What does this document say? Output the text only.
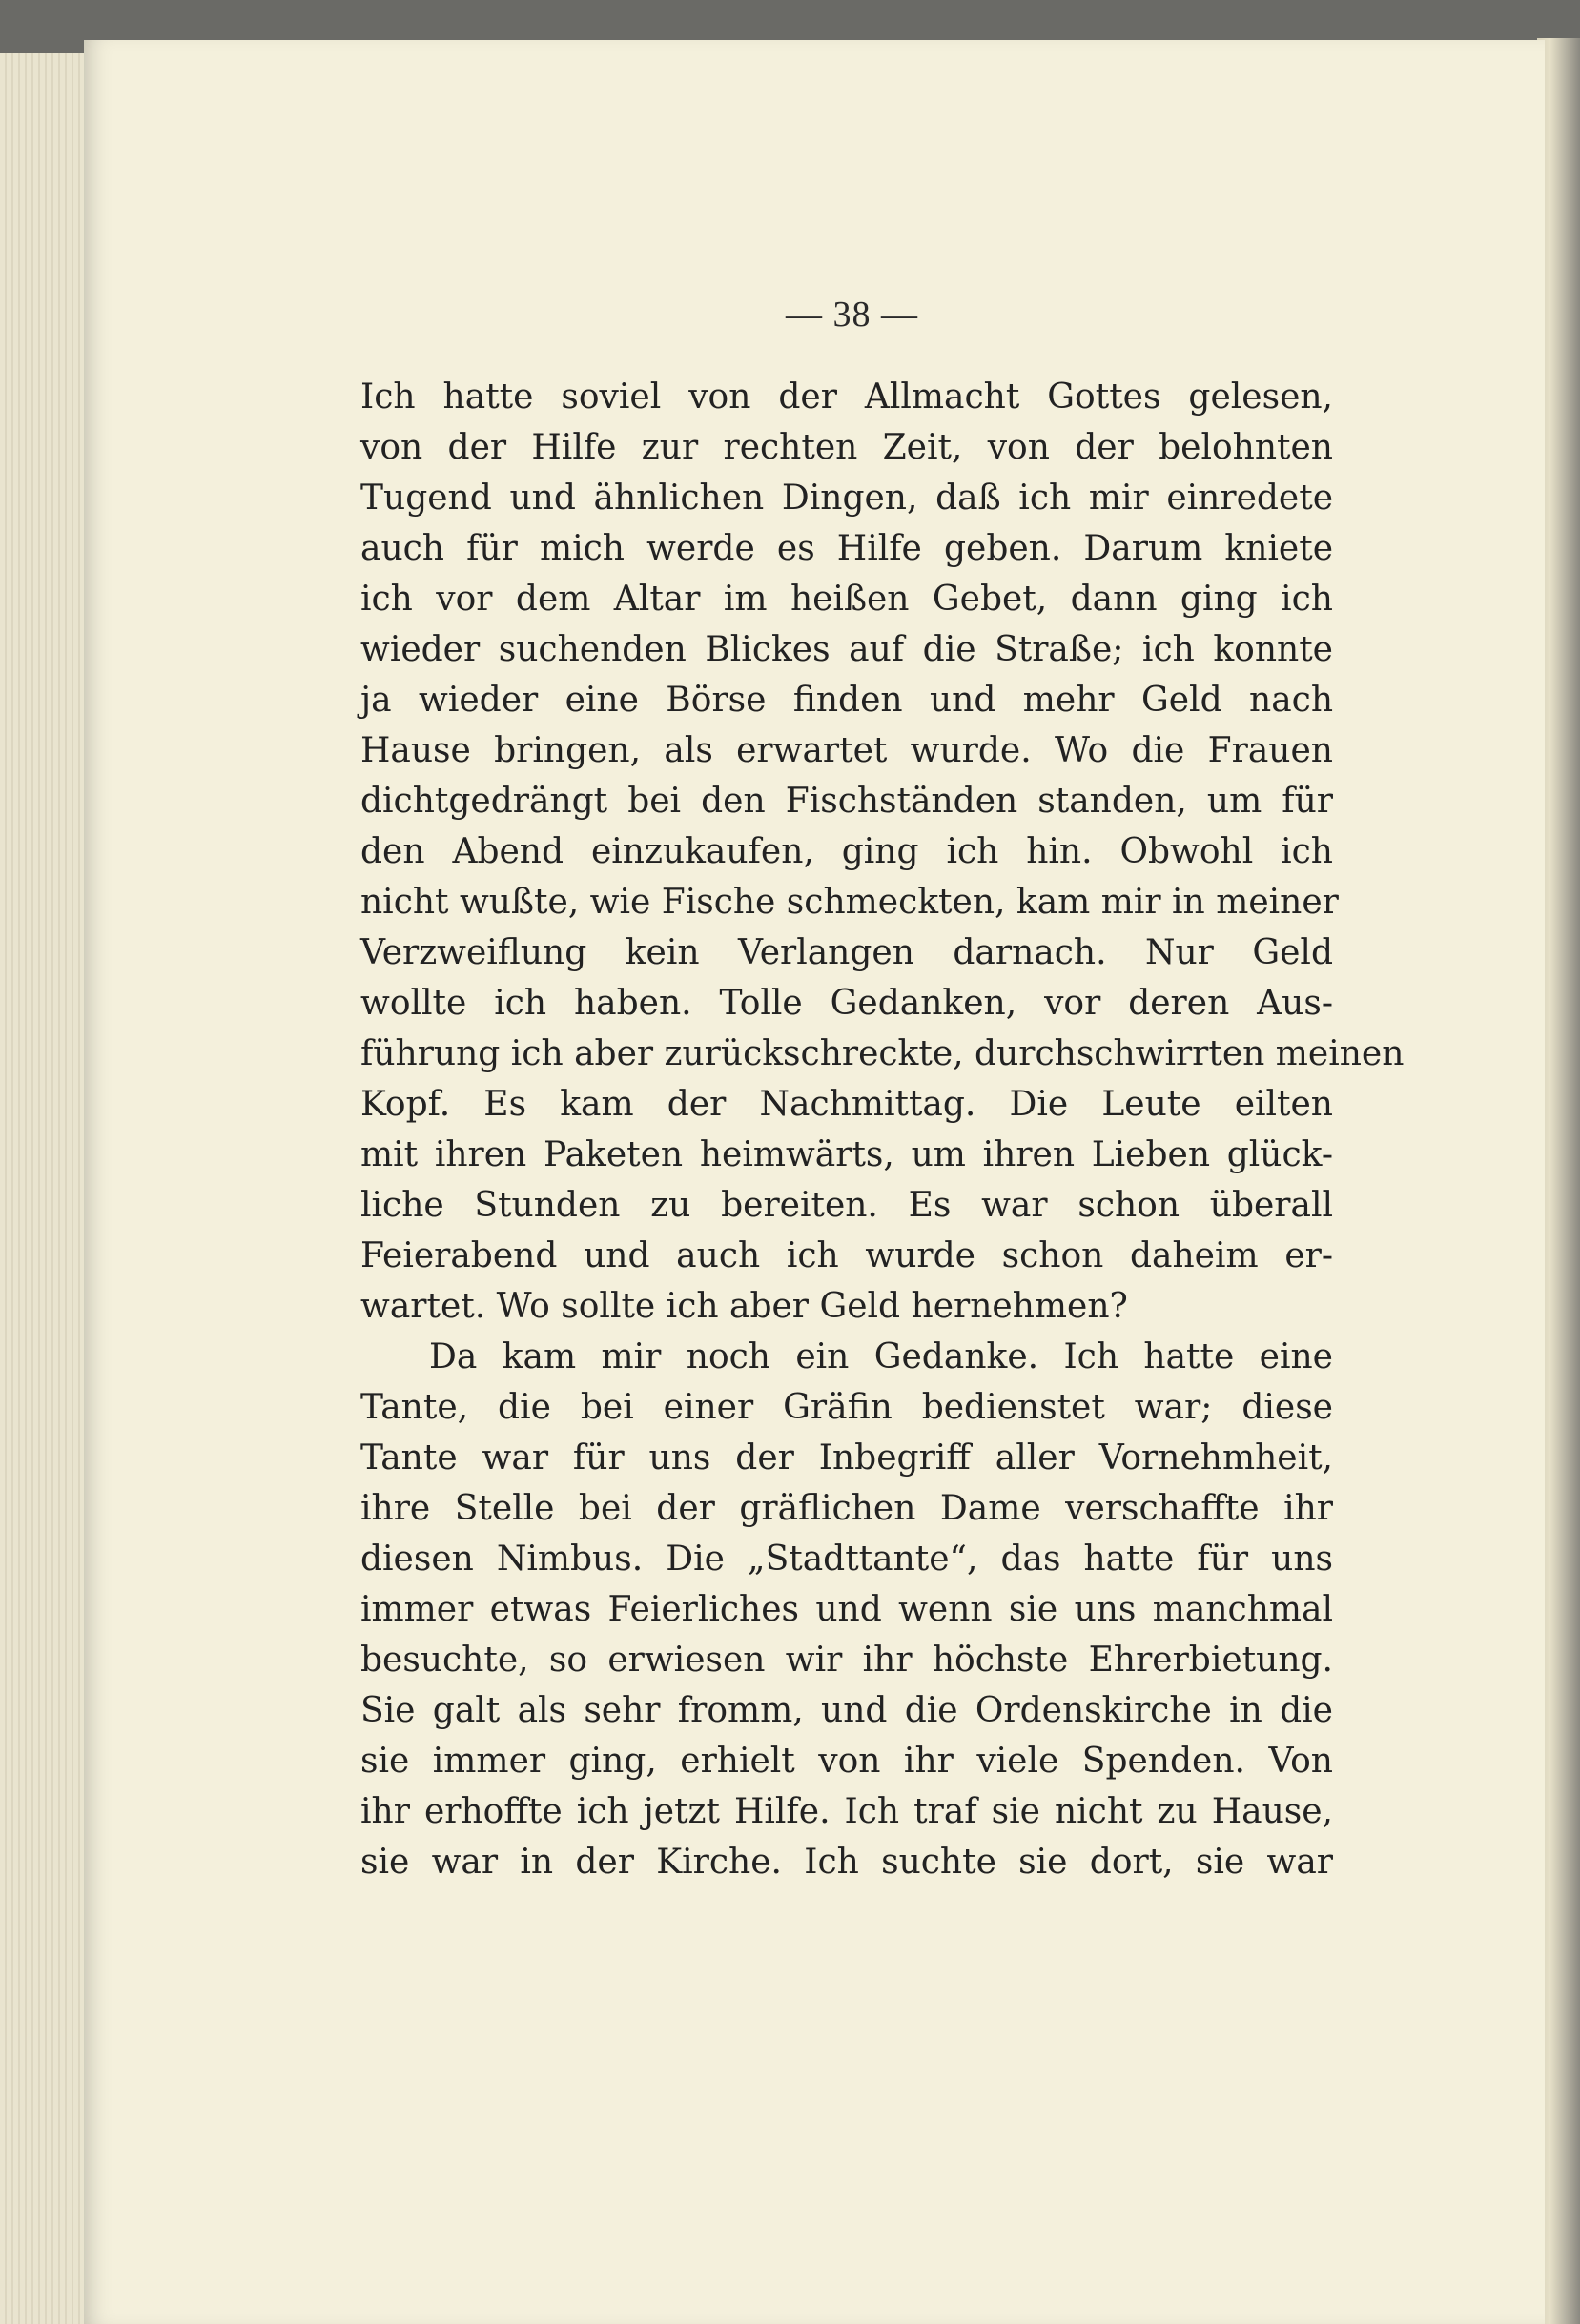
— 38 —
Ich hatte soviel von der Allmacht Gottes gelesen,
von der Hilfe zur rechten Zeit, von der belohnten
Tugend und ähnlichen Dingen, daß ich mir einredete
auch für mich werde es Hilfe geben. Darum kniete
ich vor dem Altar im heißen Gebet, dann ging ich
wieder suchenden Blickes auf die Straße; ich konnte
ja wieder eine Börse finden und mehr Geld nach
Hause bringen, als erwartet wurde. Wo die Frauen
dichtgedrängt bei den Fischständen standen, um für
den Abend einzukaufen, ging ich hin. Obwohl ich
nicht wußte, wie Fische schmeckten, kam mir in meiner
Verzweiflung kein Verlangen darnach. Nur Geld
wollte ich haben. Tolle Gedanken, vor deren Aus-
führung ich aber zurückschreckte, durchschwirrten meinen
Kopf. Es kam der Nachmittag. Die Leute eilten
mit ihren Paketen heimwärts, um ihren Lieben glück-
liche Stunden zu bereiten. Es war schon überall
Feierabend und auch ich wurde schon daheim er-
wartet. Wo sollte ich aber Geld hernehmen?
Da kam mir noch ein Gedanke. Ich hatte eine
Tante, die bei einer Gräfin bedienstet war; diese
Tante war für uns der Inbegriff aller Vornehmheit,
ihre Stelle bei der gräflichen Dame verschaffte ihr
diesen Nimbus. Die „Stadttante“, das hatte für uns
immer etwas Feierliches und wenn sie uns manchmal
besuchte, so erwiesen wir ihr höchste Ehrerbietung.
Sie galt als sehr fromm, und die Ordenskirche in die
sie immer ging, erhielt von ihr viele Spenden. Von
ihr erhoffte ich jetzt Hilfe. Ich traf sie nicht zu Hause,
sie war in der Kirche. Ich suchte sie dort, sie war
